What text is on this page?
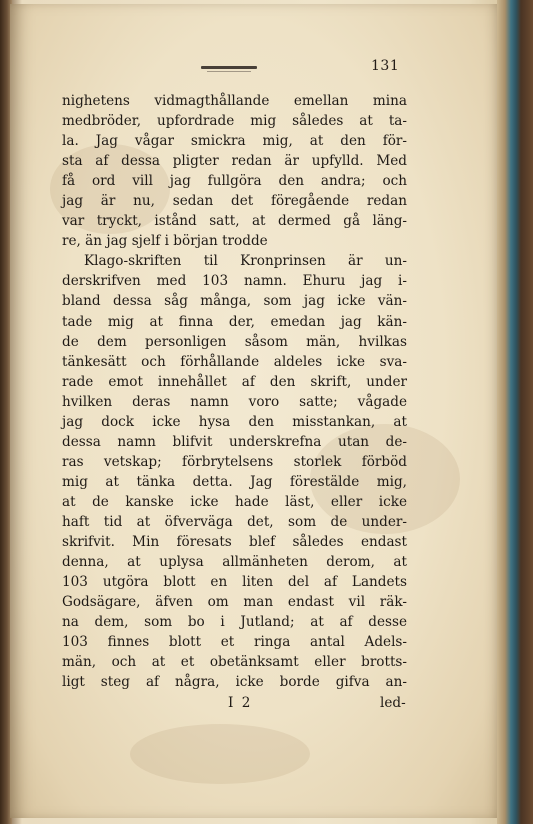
131
nighetens vidmagthållande emellan mina
medbröder, upfordrade mig således at ta-
la. Jag vågar smickra mig, at den för-
sta af dessa pligter redan är upfylld. Med
få ord vill jag fullgöra den andra; och
jag är nu, sedan det föregående redan
var tryckt, istånd satt, at dermed gå läng-
re, än jag sjelf i början trodde
Klago-skriften til Kronprinsen är un-
derskrifven med 103 namn. Ehuru jag i-
bland dessa såg många, som jag icke vän-
tade mig at finna der, emedan jag kän-
de dem personligen såsom män, hvilkas
tänkesätt och förhållande aldeles icke sva-
rade emot innehållet af den skrift, under
hvilken deras namn voro satte; vågade
jag dock icke hysa den misstankan, at
dessa namn blifvit underskrefna utan de-
ras vetskap; förbrytelsens storlek förböd
mig at tänka detta. Jag förestälde mig,
at de kanske icke hade läst, eller icke
haft tid at öfverväga det, som de under-
skrifvit. Min föresats blef således endast
denna, at uplysa allmänheten derom, at
103 utgöra blott en liten del af Landets
Godsägare, äfven om man endast vil räk-
na dem, som bo i Jutland; at af desse
103 finnes blott et ringa antal Adels-
män, och at et obetänksamt eller brotts-
ligt steg af några, icke borde gifva an-
I 2	led-
